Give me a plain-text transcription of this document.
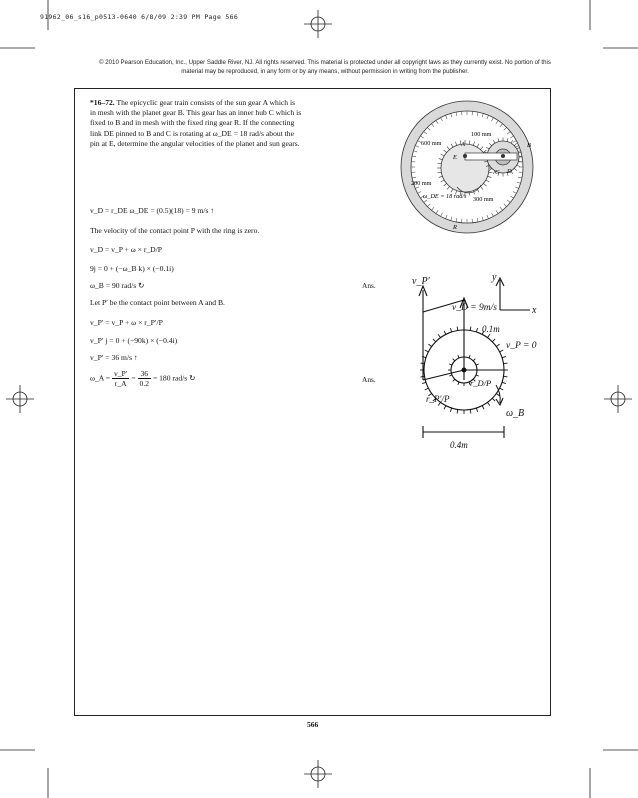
91962_06_s16_p0513-0640 6/8/09 2:39 PM Page 566
© 2010 Pearson Education, Inc., Upper Saddle River, NJ. All rights reserved. This material is protected under all copyright laws as they currently exist. No portion of this material may be reproduced, in any form or by any means, without permission in writing from the publisher.
*16–72. The epicyclic gear train consists of the sun gear A which is in mesh with the planet gear B. This gear has an inner hub C which is fixed to B and in mesh with the fixed ring gear R. If the connecting link DE pinned to B and C is rotating at ω_DE = 18 rad/s about the pin at E, determine the angular velocities of the planet and sun gears.	600 mm
100 mm
200 mm
300 mm
ω_DE = 18 rad/s
A	B
C D
E
R
v_D = r_DE ω_DE = (0.5)(18) = 9 m/s ↑
The velocity of the contact point P with the ring is zero.
v_D = v_P + ω × r_D/P
9j = 0 + (−ω_B k) × (−0.1i)
ω_B = 90 rad/s ↻	Ans.
Let P′ be the contact point between A and B.
v_P′ = v_P + ω × r_P′/P
v_P′ j = 0 + (−90k) × (−0.4i)
v_P′ = 36 m/s ↑
ω_A = $\frac{v\_P'}{r\_A} = \frac{36}{0.2} = 180$ rad/s ↻	Ans.
v_P′
v_D = 9m/s
0.1m
v_P = 0
r_D/P
r_P′/P
ω_B
0.4m
y
x
566
